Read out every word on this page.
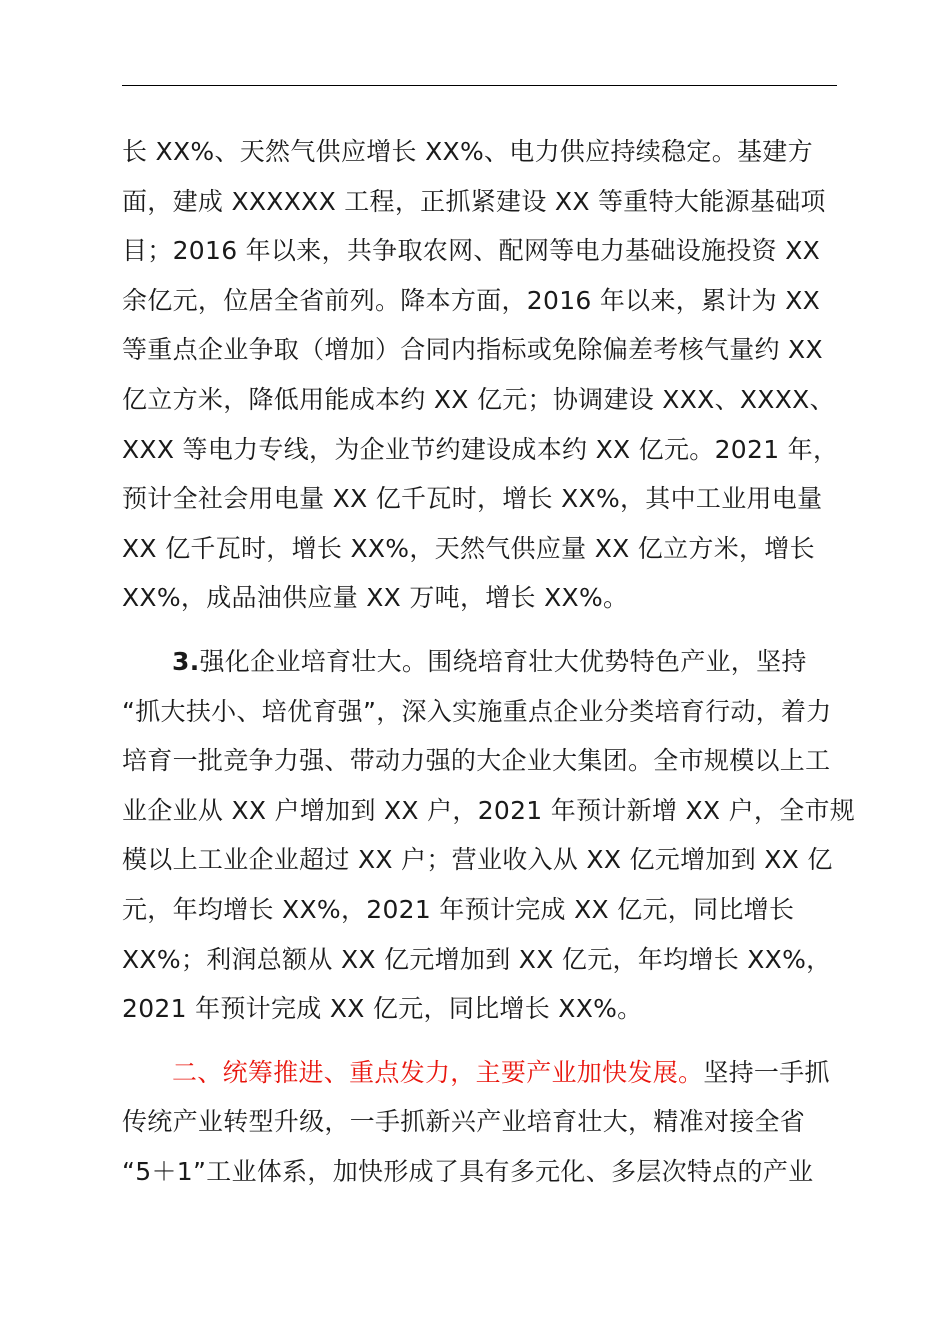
长 XX%、天然气供应增长 XX%、电力供应持续稳定。基建方
面，建成 XXXXXX 工程，正抓紧建设 XX 等重特大能源基础项
目；2016 年以来，共争取农网、配网等电力基础设施投资 XX
余亿元，位居全省前列。降本方面，2016 年以来，累计为 XX
等重点企业争取（增加）合同内指标或免除偏差考核气量约 XX
亿立方米，降低用能成本约 XX 亿元；协调建设 XXX、XXXX、
XXX 等电力专线，为企业节约建设成本约 XX 亿元。2021 年，
预计全社会用电量 XX 亿千瓦时，增长 XX%，其中工业用电量
XX 亿千瓦时，增长 XX%，天然气供应量 XX 亿立方米，增长
XX%，成品油供应量 XX 万吨，增长 XX%。

3.强化企业培育壮大。围绕培育壮大优势特色产业，坚持
“抓大扶小、培优育强”，深入实施重点企业分类培育行动，着力
培育一批竞争力强、带动力强的大企业大集团。全市规模以上工
业企业从 XX 户增加到 XX 户，2021 年预计新增 XX 户，全市规
模以上工业企业超过 XX 户；营业收入从 XX 亿元增加到 XX 亿
元，年均增长 XX%，2021 年预计完成 XX 亿元，同比增长
XX%；利润总额从 XX 亿元增加到 XX 亿元，年均增长 XX%，
2021 年预计完成 XX 亿元，同比增长 XX%。

二、统筹推进、重点发力，主要产业加快发展。坚持一手抓
传统产业转型升级，一手抓新兴产业培育壮大，精准对接全省
“5＋1”工业体系，加快形成了具有多元化、多层次特点的产业
